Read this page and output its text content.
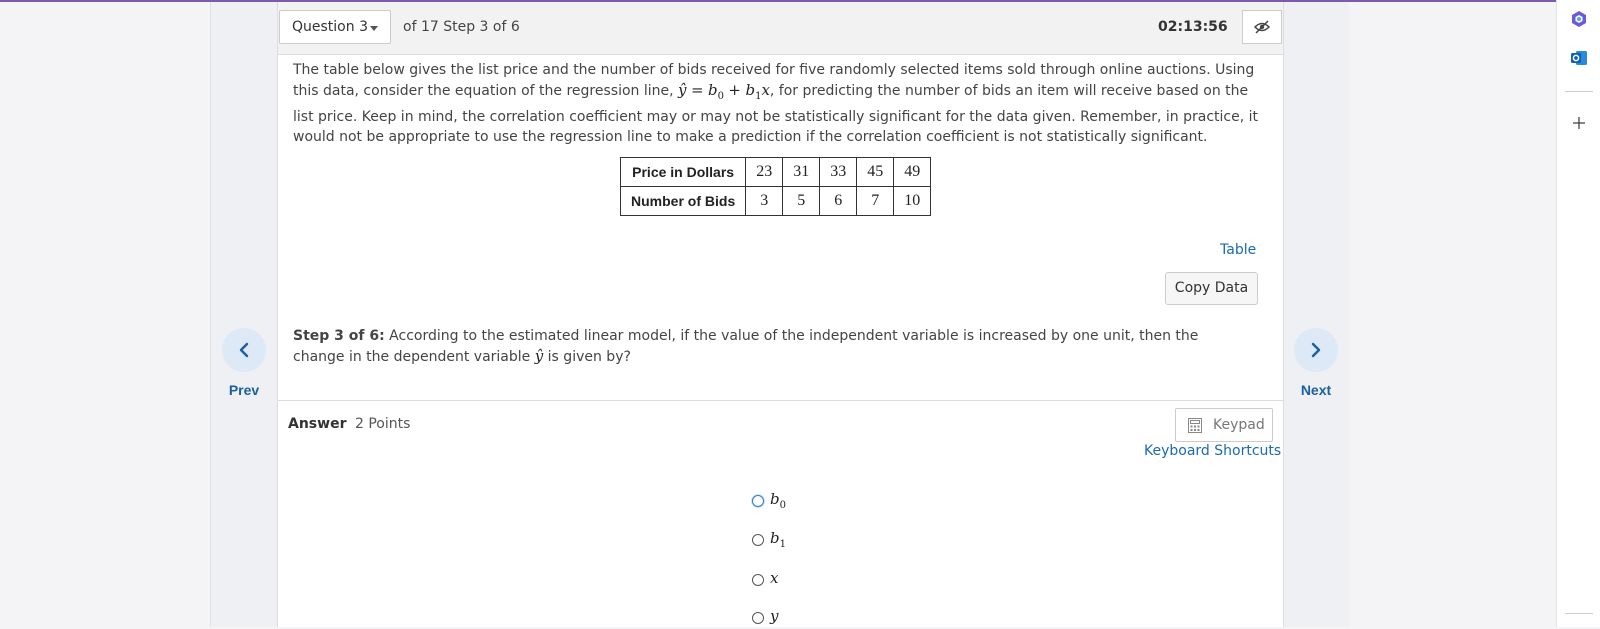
Prev	Next
Question 3	of 17 Step 3 of 6	02:13:56
The table below gives the list price and the number of bids received for five randomly selected items sold through online auctions. Using this data, consider the equation of the regression line, ŷ = $b_0 + b_1x$, for predicting the number of bids an item will receive based on the list price. Keep in mind, the correlation coefficient may or may not be statistically significant for the data given. Remember, in practice, it would not be appropriate to use the regression line to make a prediction if the correlation coefficient is not statistically significant.
Price in Dollars	23	31	33	45	49
Number of Bids	3	5	6	7	10
Table
Copy Data
Step 3 of 6: According to the estimated linear model, if the value of the independent variable is increased by one unit, then the change in the dependent variable ŷ is given by?
Answer 2 Points	Keypad
Keyboard Shortcuts
$b_0$
$b_1$
x
y
